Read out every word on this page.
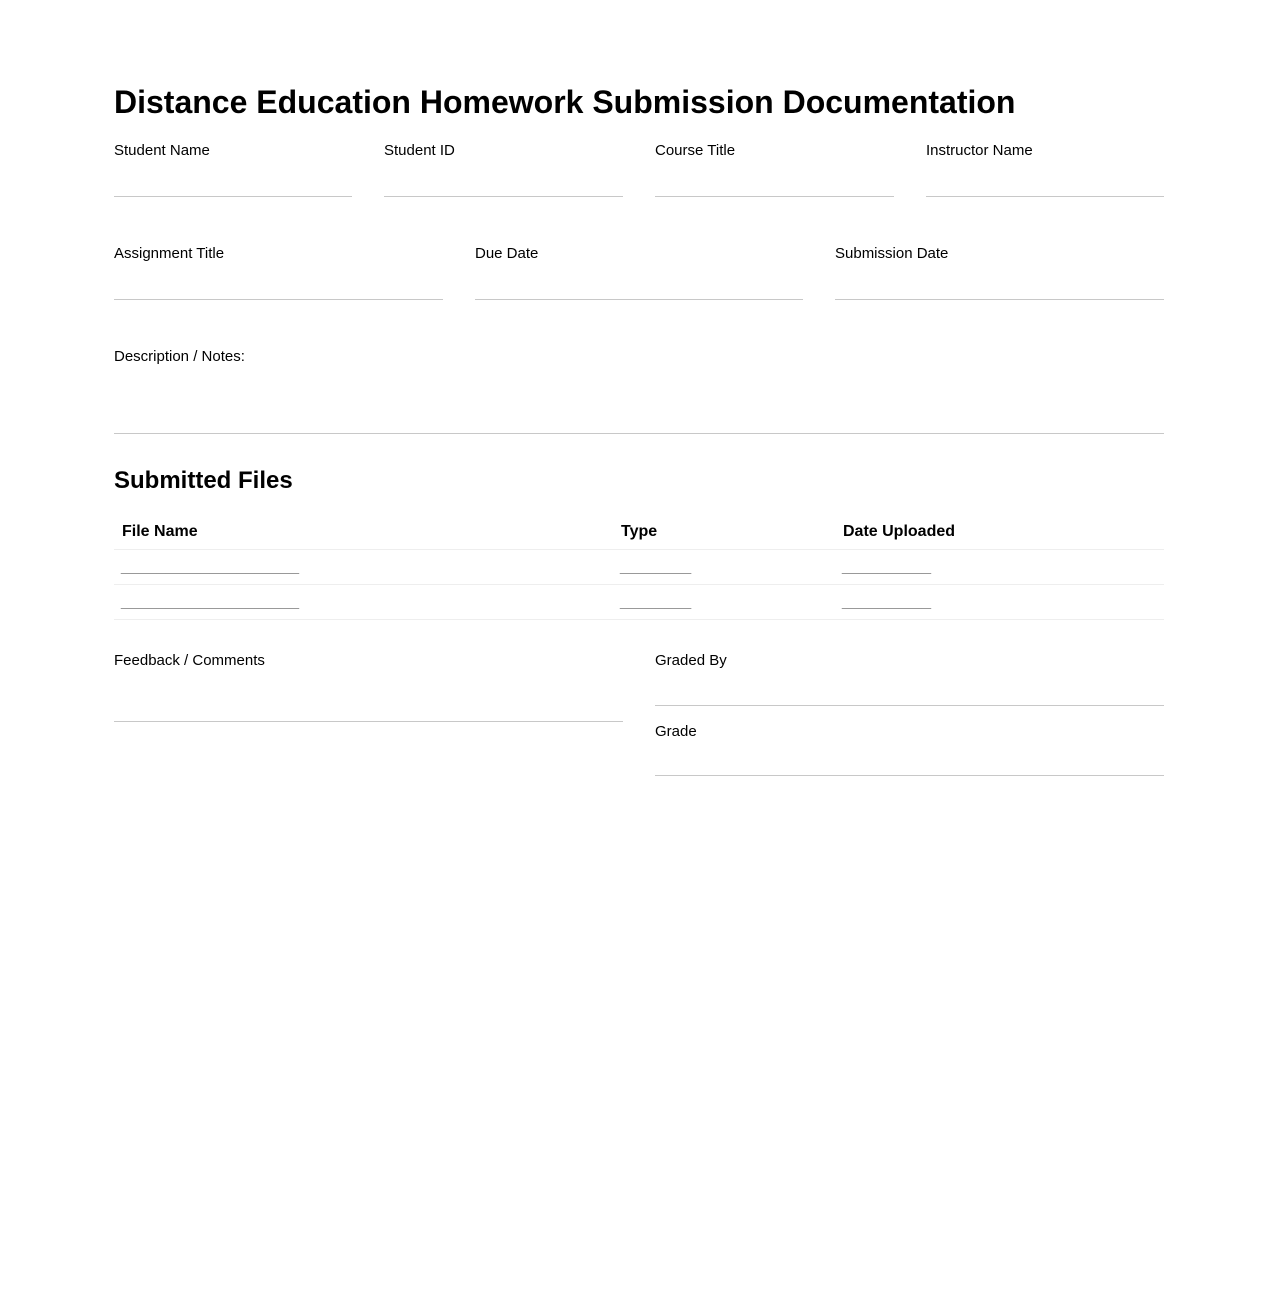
Distance Education Homework Submission Documentation
Student Name	Student ID	Course Title	Instructor Name
Assignment Title	Due Date	Submission Date
Description / Notes:
Submitted Files
File Name	Type	Date Uploaded
____________________	________	__________
____________________	________	__________
Feedback / Comments	Graded By
Grade
